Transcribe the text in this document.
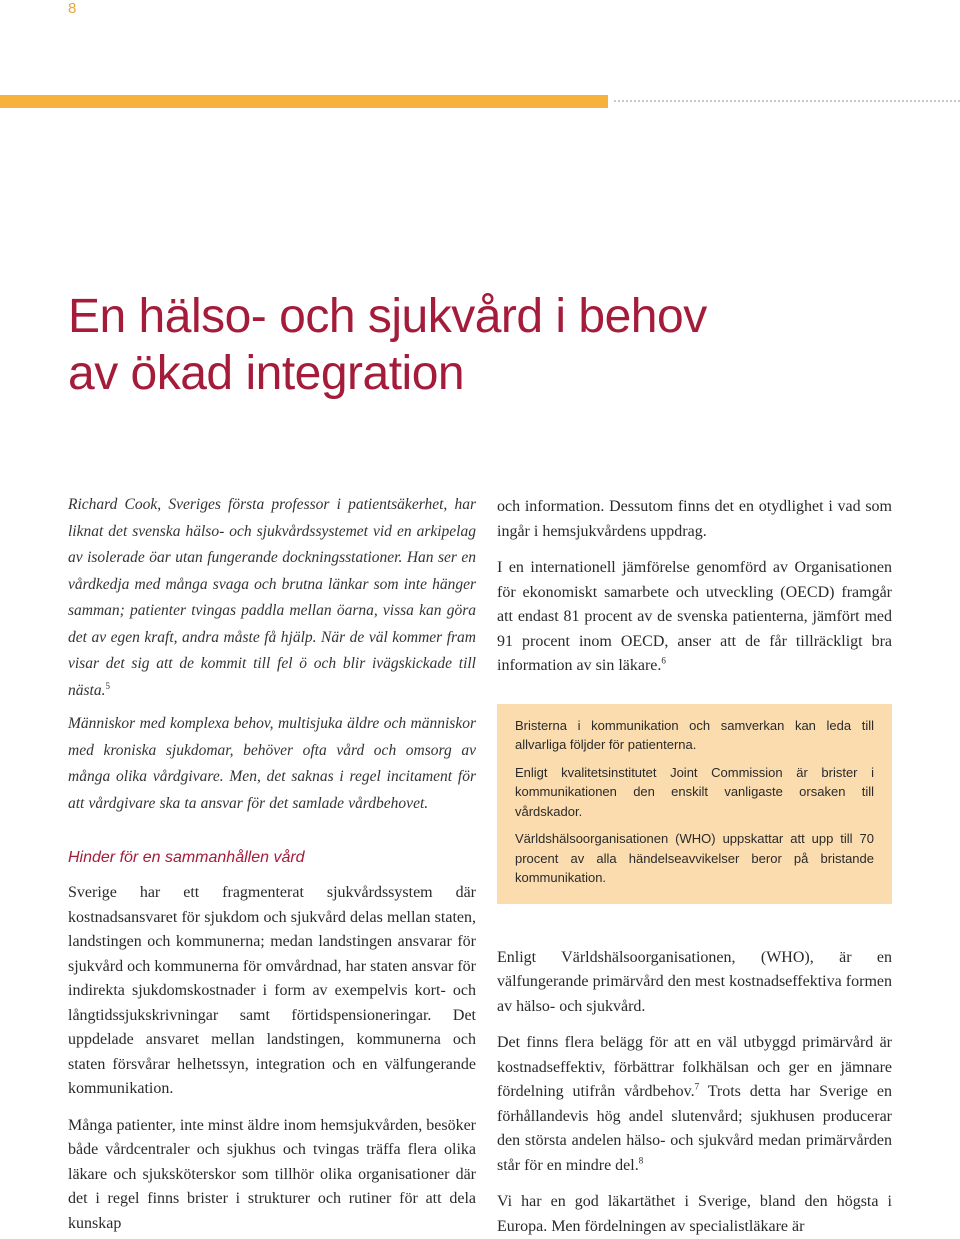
8
En hälso- och sjukvård i behov
av ökad integration

Richard Cook, Sveriges första professor i patientsäkerhet, har liknat det svenska hälso- och sjukvårdssystemet vid en arkipelag av isolerade öar utan fungerande dockningsstationer. Han ser en vårdkedja med många svaga och brutna länkar som inte hänger samman; patienter tvingas paddla mellan öarna, vissa kan göra det av egen kraft, andra måste få hjälp. När de väl kommer fram visar det sig att de kommit till fel ö och blir ivägskickade till nästa.$^5$

Människor med komplexa behov, multisjuka äldre och människor med kroniska sjukdomar, behöver ofta vård och omsorg av många olika vårdgivare. Men, det saknas i regel incitament för att vårdgivare ska ta ansvar för det samlade vårdbehovet.

Hinder för en sammanhållen vård

Sverige har ett fragmenterat sjukvårdssystem där kostnadsansvaret för sjukdom och sjukvård delas mellan staten, landstingen och kommunerna; medan landstingen ansvarar för sjukvård och kommunerna för omvårdnad, har staten ansvar för indirekta sjukdomskostnader i form av exempelvis kort- och långtidssjukskrivningar samt förtidspensioneringar. Det uppdelade ansvaret mellan landstingen, kommunerna och staten försvårar helhetssyn, integration och en välfungerande kommunikation.

Många patienter, inte minst äldre inom hemsjukvården, besöker både vårdcentraler och sjukhus och tvingas träffa flera olika läkare och sjuksköterskor som tillhör olika organisationer där det i regel finns brister i strukturer och rutiner för att dela kunskap

och information. Dessutom finns det en otydlighet i vad som ingår i hemsjukvårdens uppdrag.

I en internationell jämförelse genomförd av Organisationen för ekonomiskt samarbete och utveckling (OECD) framgår att endast 81 procent av de svenska patienterna, jämfört med 91 procent inom OECD, anser att de får tillräckligt bra information av sin läkare.$^6$

Bristerna i kommunikation och samverkan kan leda till allvarliga följder för patienterna.

Enligt kvalitetsinstitutet Joint Commission är brister i kommunikationen den enskilt vanligaste orsaken till vårdskador.

Världshälsoorganisationen (WHO) uppskattar att upp till 70 procent av alla händelseavvikelser beror på bristande kommunikation.

Enligt Världshälsoorganisationen, (WHO), är en välfungerande primärvård den mest kostnadseffektiva formen av hälso- och sjukvård.

Det finns flera belägg för att en väl utbyggd primärvård är kostnadseffektiv, förbättrar folkhälsan och ger en jämnare fördelning utifrån vårdbehov.$^7$ Trots detta har Sverige en förhållandevis hög andel slutenvård; sjukhusen producerar den största andelen hälso- och sjukvård medan primärvården står för en mindre del.$^8$

Vi har en god läkartäthet i Sverige, bland den högsta i Europa. Men fördelningen av specialistläkare är
